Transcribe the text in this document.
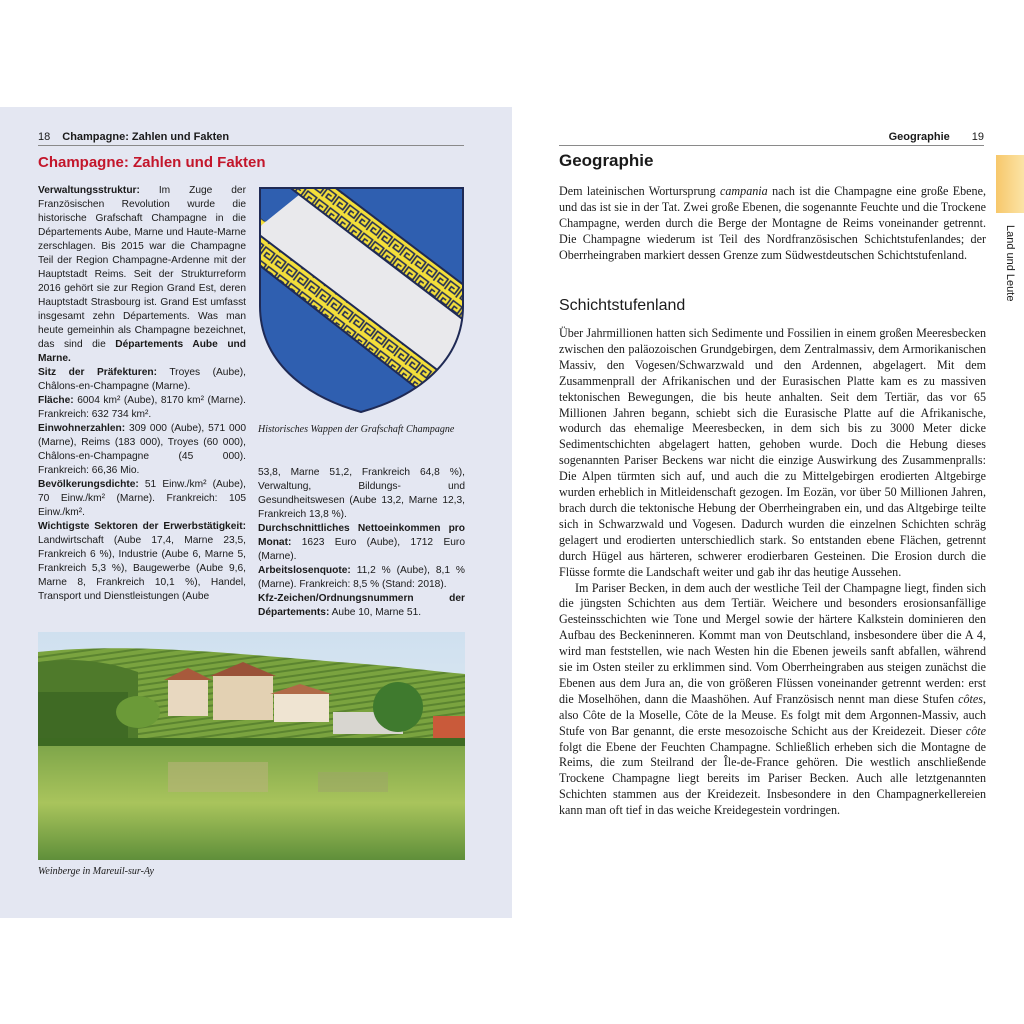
18 Champagne: Zahlen und Fakten
Champagne: Zahlen und Fakten

Verwaltungsstruktur: Im Zuge der Französischen Revolution wurde die historische Grafschaft Champagne in die Départements Aube, Marne und Haute-Marne zerschlagen. Bis 2015 war die Champagne Teil der Region Champagne-Ardenne mit der Hauptstadt Reims. Seit der Strukturreform 2016 gehört sie zur Region Grand Est, deren Hauptstadt Strasbourg ist. Grand Est umfasst insgesamt zehn Départements. Was man heute gemeinhin als Champagne bezeichnet, das sind die Départements Aube und Marne.

Sitz der Präfekturen: Troyes (Aube), Châlons-en-Champagne (Marne).

Fläche: 6004 km² (Aube), 8170 km² (Marne). Frankreich: 632 734 km².

Einwohnerzahlen: 309 000 (Aube), 571 000 (Marne), Reims (183 000), Troyes (60 000), Châlons-en-Champagne (45 000). Frankreich: 66,36 Mio.

Bevölkerungsdichte: 51 Einw./km² (Aube), 70 Einw./km² (Marne). Frankreich: 105 Einw./km².

Wichtigste Sektoren der Erwerbstätigkeit: Landwirtschaft (Aube 17,4, Marne 23,5, Frankreich 6 %), Industrie (Aube 6, Marne 5, Frankreich 5,3 %), Baugewerbe (Aube 9,6, Marne 8, Frankreich 10,1 %), Handel, Transport und Dienstleistungen (Aube

Historisches Wappen der Grafschaft Champagne

53,8, Marne 51,2, Frankreich 64,8 %), Verwaltung, Bildungs- und Gesundheitswesen (Aube 13,2, Marne 12,3, Frankreich 13,8 %).

Durchschnittliches Nettoeinkommen pro Monat: 1623 Euro (Aube), 1712 Euro (Marne).

Arbeitslosenquote: 11,2 % (Aube), 8,1 % (Marne). Frankreich: 8,5 % (Stand: 2018).

Kfz-Zeichen/Ordnungsnummern der Départements: Aube 10, Marne 51.

Weinberge in Mareuil-sur-Ay
Geographie 19
Land und Leute
Geographie

Dem lateinischen Wortursprung campania nach ist die Champagne eine große Ebene, und das ist sie in der Tat. Zwei große Ebenen, die sogenannte Feuchte und die Trockene Champagne, werden durch die Berge der Montagne de Reims voneinander getrennt. Die Champagne wiederum ist Teil des Nordfranzösischen Schichtstufenlandes; der Oberrheingraben markiert dessen Grenze zum Südwestdeutschen Schichtstufenland.

Schichtstufenland

Über Jahrmillionen hatten sich Sedimente und Fossilien in einem großen Meeresbecken zwischen den paläozoischen Grundgebirgen, dem Zentralmassiv, dem Armorikanischen Massiv, den Vogesen/Schwarzwald und den Ardennen, abgelagert. Mit dem Zusammenprall der Afrikanischen und der Eurasischen Platte kam es zu massiven tektonischen Bewegungen, die bis heute anhalten. Seit dem Tertiär, das vor 65 Millionen Jahren begann, schiebt sich die Eurasische Platte auf die Afrikanische, wodurch das ehemalige Meeresbecken, in dem sich bis zu 3000 Meter dicke Sedimentschichten abgelagert hatten, gehoben wurde. Doch die Hebung dieses sogenannten Pariser Beckens war nicht die einzige Auswirkung des Zusammenpralls: Die Alpen türmten sich auf, und auch die zu Mittelgebirgen erodierten Altgebirge wurden erheblich in Mitleidenschaft gezogen. Im Eozän, vor über 50 Millionen Jahren, brach durch die tektonische Hebung der Oberrheingraben ein, und das Altgebirge teilte sich in Schwarzwald und Vogesen. Dadurch wurden die einzelnen Schichten schräg gelagert und erodierten unterschiedlich stark. So entstanden ebene Flächen, getrennt durch Hügel aus härteren, schwerer erodierbaren Gesteinen. Die Erosion durch die Flüsse formte die Landschaft weiter und gab ihr das heutige Aussehen.

Im Pariser Becken, in dem auch der westliche Teil der Champagne liegt, finden sich die jüngsten Schichten aus dem Tertiär. Weichere und besonders erosionsanfällige Gesteinsschichten wie Tone und Mergel sowie der härtere Kalkstein dominieren den Aufbau des Beckeninneren. Kommt man von Deutschland, insbesondere über die A 4, wird man feststellen, wie nach Westen hin die Ebenen jeweils sanft abfallen, während sie im Osten steiler zu erklimmen sind. Vom Oberrheingraben aus steigen zunächst die Ebenen aus dem Jura an, die von größeren Flüssen voneinander getrennt werden: erst die Moselhöhen, dann die Maashöhen. Auf Französisch nennt man diese Stufen côtes, also Côte de la Moselle, Côte de la Meuse. Es folgt mit dem Argonnen-Massiv, auch Stufe von Bar genannt, die erste mesozoische Schicht aus der Kreidezeit. Dieser côte folgt die Ebene der Feuchten Champagne. Schließlich erheben sich die Montagne de Reims, die zum Steilrand der Île-de-France gehören. Die westlich anschließende Trockene Champagne liegt bereits im Pariser Becken. Auch alle letztgenannten Schichten stammen aus der Kreidezeit. Insbesondere in den Champagnerkellereien kann man oft tief in das weiche Kreidegestein vordringen.
